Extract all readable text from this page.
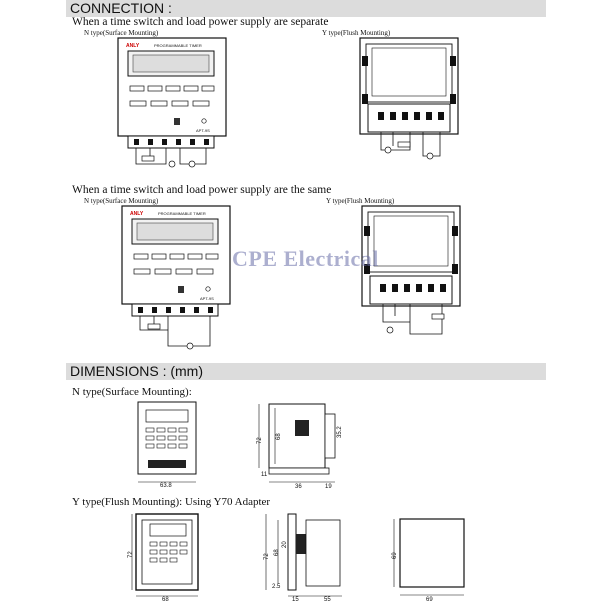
CONNECTION :
When a time switch and load power supply are separate
N type(Surface Mounting)	Y type(Flush Mounting)
When a time switch and load power supply are the same
N type(Surface Mounting)	Y type(Flush Mounting)
ANLY	PROGRAMMABLE TIMER
APT-9S
ANLY	PROGRAMMABLE TIMER
APT-9S
CPE Electrical
DIMENSIONS : (mm)
N type(Surface Mounting):
Y type(Flush Mounting): Using Y70 Adapter
63.8
72
68	35.2
11
36	19
72
68
72
68
20
2.5
15	55
69
69
